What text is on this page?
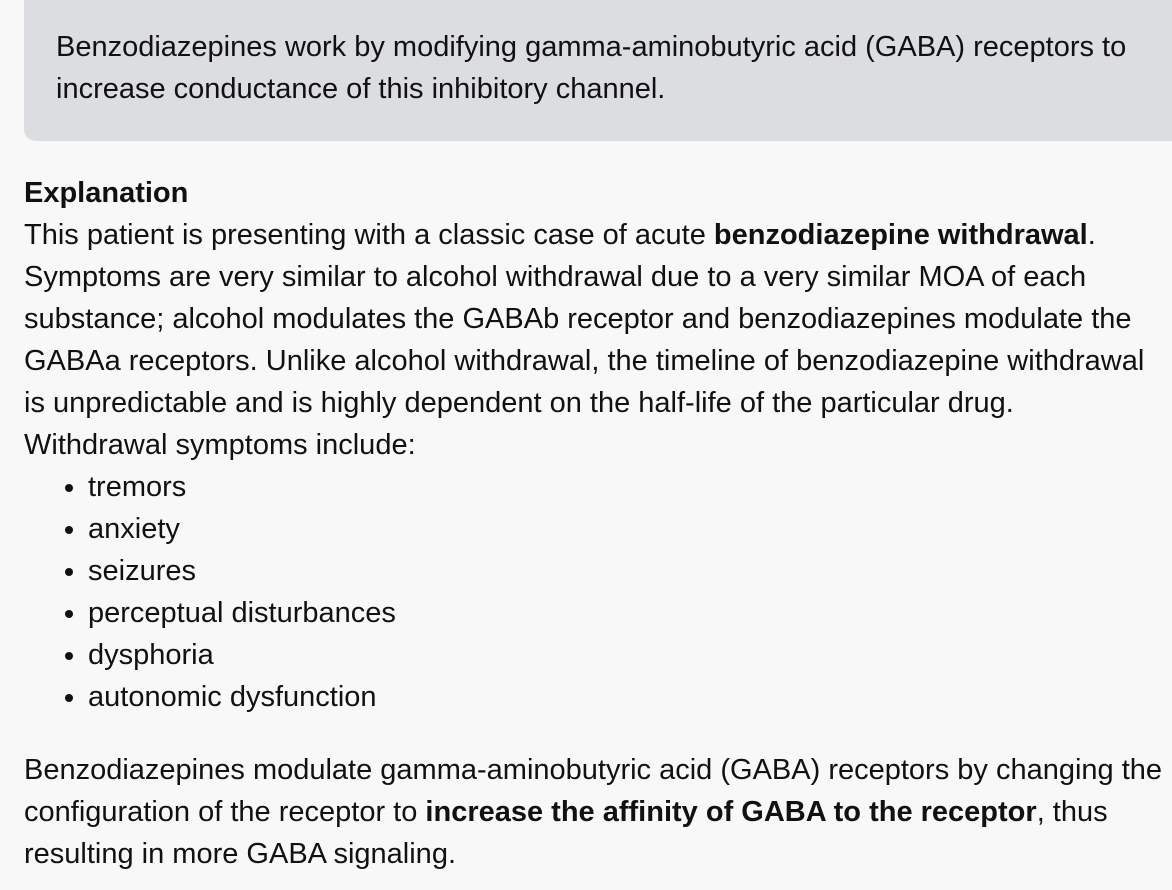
Benzodiazepines work by modifying gamma-aminobutyric acid (GABA) receptors to increase conductance of this inhibitory channel.

Explanation

This patient is presenting with a classic case of acute benzodiazepine withdrawal. Symptoms are very similar to alcohol withdrawal due to a very similar MOA of each substance; alcohol modulates the GABAb receptor and benzodiazepines modulate the GABAa receptors. Unlike alcohol withdrawal, the timeline of benzodiazepine withdrawal is unpredictable and is highly dependent on the half-life of the particular drug. Withdrawal symptoms include:

• tremors
• anxiety
• seizures
• perceptual disturbances
• dysphoria
• autonomic dysfunction

Benzodiazepines modulate gamma-aminobutyric acid (GABA) receptors by changing the configuration of the receptor to increase the affinity of GABA to the receptor, thus resulting in more GABA signaling.
